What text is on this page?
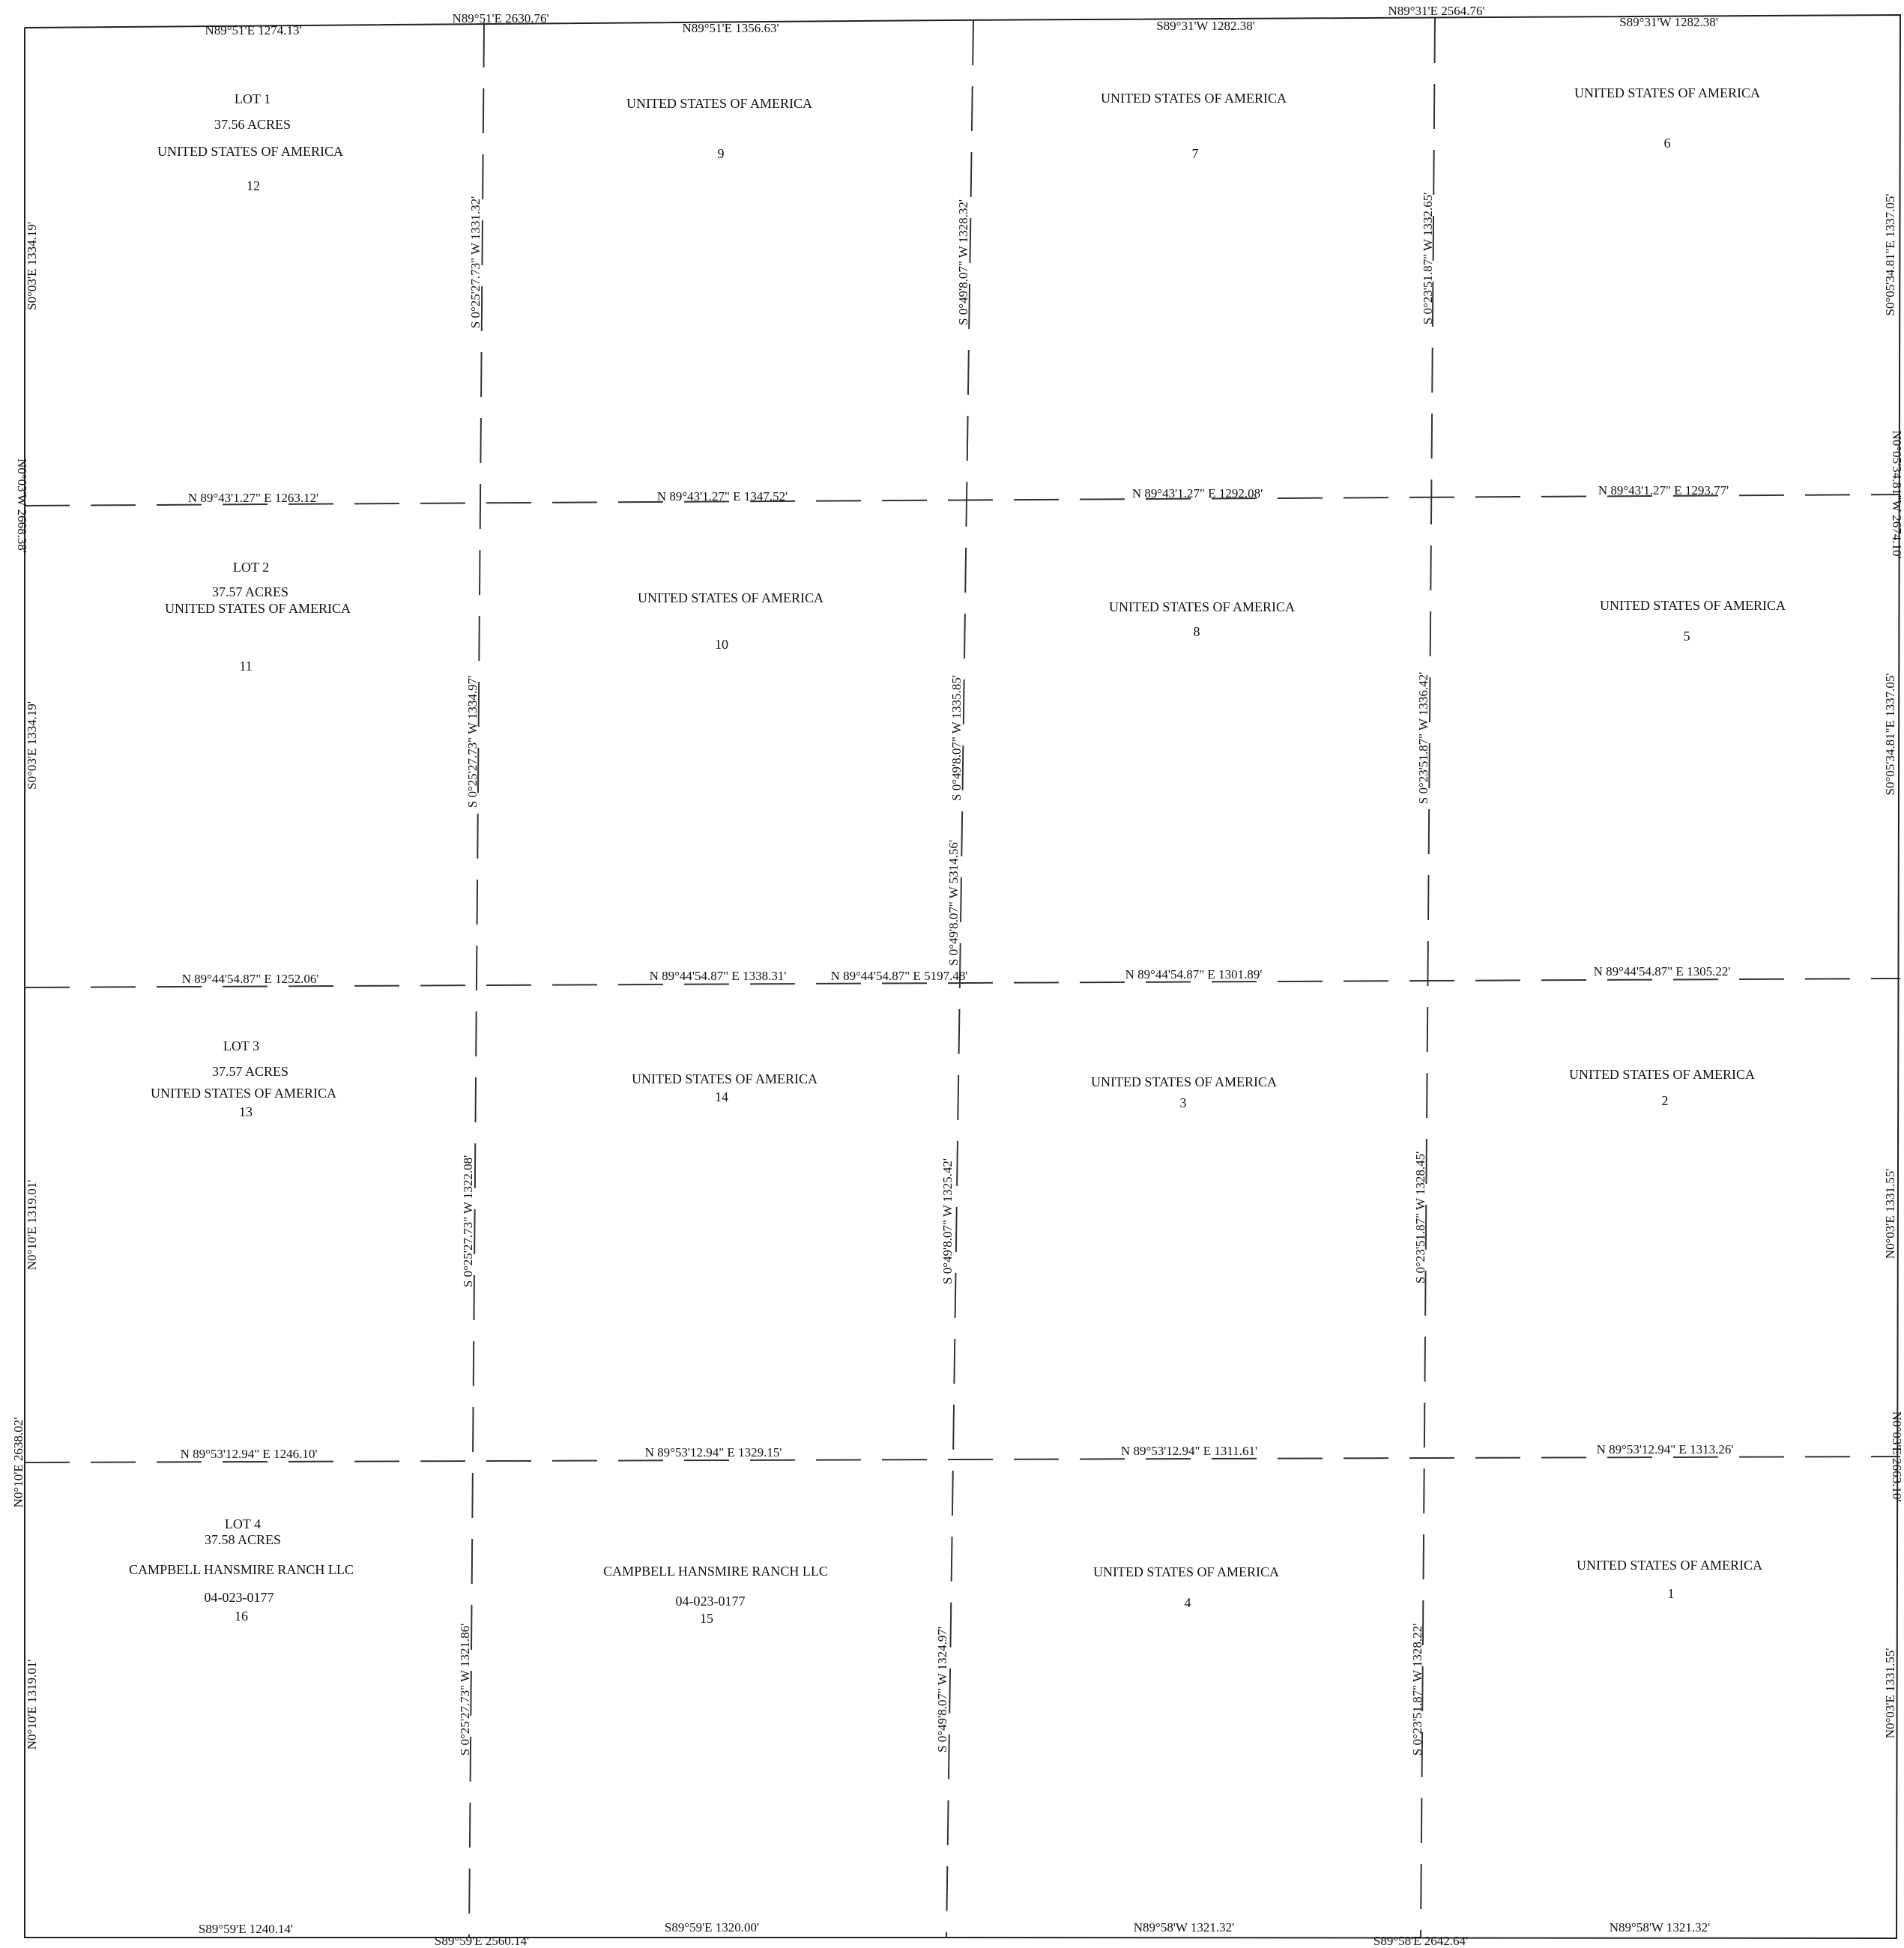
N89°51'E 1274.13'
N89°51'E 2630.76'
N89°51'E 1356.63'	S89°31'W 1282.38'
N89°31'E 2564.76'
S89°31'W 1282.38'
S89°59'E 1240.14'
S89°59'E 2560.14'
S89°59'E 1320.00'	N89°58'W 1321.32'
S89°58'E 2642.64'
N89°58'W 1321.32'
S0°03'E 1334.19'
N0°03'W 2668.38'
S0°03'E 1334.19'
N0°10'E 1319.01'
N0°10'E 2638.02'
N0°10'E 1319.01'
S0°05'34.81"E 1337.05'
N0°05'34.81"W 2674.10'
S0°05'34.81"E 1337.05'
N0°03'E 1331.55'
N0°03'E 2663.10'
N0°03'E 1331.55'
N 89°43'1.27" E 1263.12'	N 89°43'1.27" E 1347.52'	N 89°43'1.27" E 1292.08'	N 89°43'1.27" E 1293.77'
N 89°44'54.87" E 1252.06'	N 89°44'54.87" E 1338.31'	N 89°44'54.87" E 5197.48'	N 89°44'54.87" E 1301.89'	N 89°44'54.87" E 1305.22'
N 89°53'12.94" E 1246.10'	N 89°53'12.94" E 1329.15'	N 89°53'12.94" E 1311.61'	N 89°53'12.94" E 1313.26'
S 0°25'27.73" W 1331.32'
S 0°25'27.73" W 1334.97'
S 0°25'27.73" W 1322.08'
S 0°25'27.73" W 1321.86'
S 0°49'8.07" W 1328.32'
S 0°49'8.07" W 1335.85'
S 0°49'8.07" W 5314.56'
S 0°49'8.07" W 1325.42'
S 0°49'8.07" W 1324.97'
S 0°23'51.87" W 1332.65'
S 0°23'51.87" W 1336.42'
S 0°23'51.87" W 1328.45'
S 0°23'51.87" W 1328.22'
LOT 1
37.56 ACRES
UNITED STATES OF AMERICA
12
UNITED STATES OF AMERICA
9
UNITED STATES OF AMERICA
7
UNITED STATES OF AMERICA
6
LOT 2
37.57 ACRES
UNITED STATES OF AMERICA
11
UNITED STATES OF AMERICA
10
UNITED STATES OF AMERICA
8
UNITED STATES OF AMERICA
5
LOT 3
37.57 ACRES
UNITED STATES OF AMERICA
13
UNITED STATES OF AMERICA
14
UNITED STATES OF AMERICA
3
UNITED STATES OF AMERICA
2
LOT 4
37.58 ACRES
CAMPBELL HANSMIRE RANCH LLC
04-023-0177
16
CAMPBELL HANSMIRE RANCH LLC
04-023-0177
15
UNITED STATES OF AMERICA
4
UNITED STATES OF AMERICA
1
